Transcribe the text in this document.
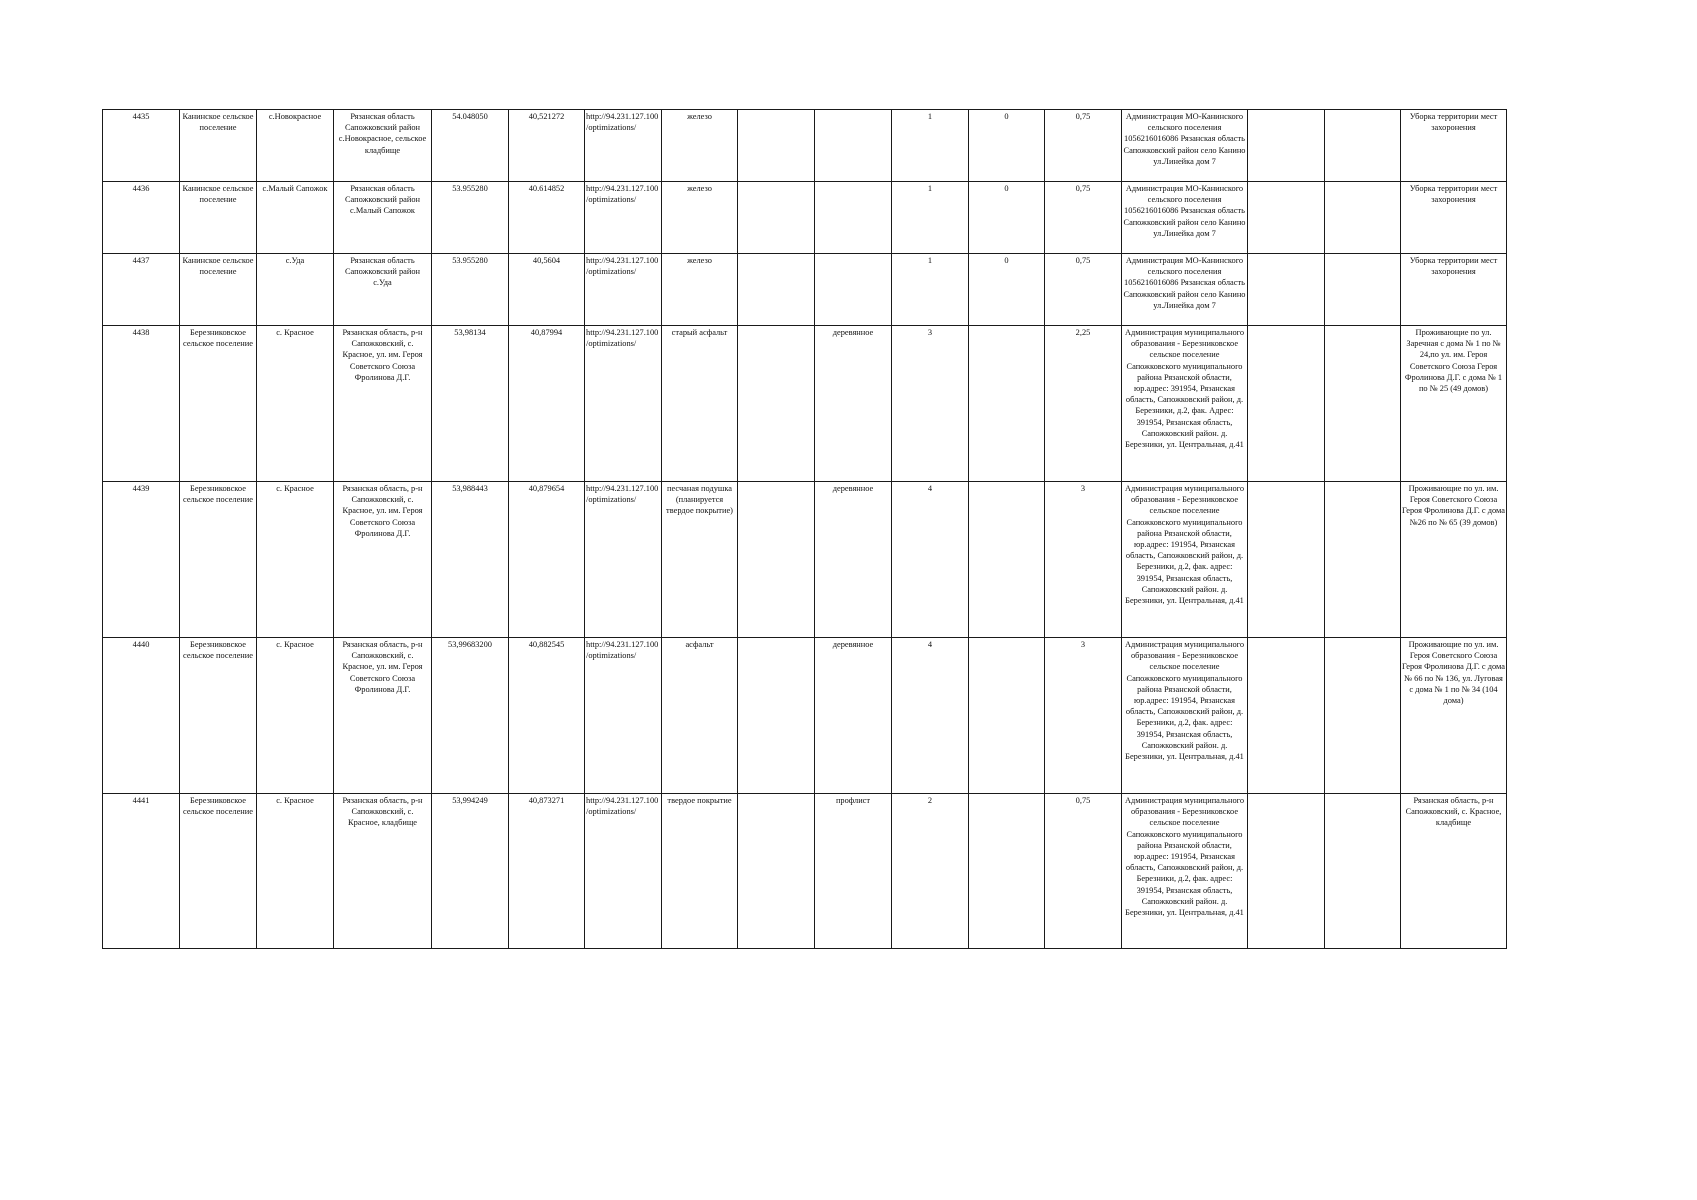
4435	Канинское сельское поселение	с.Новокрасное	Рязанская область Сапожковский район с.Новокрасное, сельское кладбище	54.048050	40,521272	http://94.231.127.100/optimizations/	железо			1	0	0,75	Администрация МО-Канинского сельского поселения 1056216016086 Рязанская область Сапожковский район село Канино ул.Линейка дом 7			Уборка территории мест захоронения
4436	Канинское сельское поселение	с.Малый Сапожок	Рязанская область Сапожковский район с.Малый Сапожок	53.955280	40.614852	http://94.231.127.100/optimizations/	железо			1	0	0,75	Администрация МО-Канинского сельского поселения 1056216016086 Рязанская область Сапожковский район село Канино ул.Линейка дом 7			Уборка территории мест захоронения
4437	Канинское сельское поселение	с.Уда	Рязанская область Сапожковский район с.Уда	53.955280	40,5604	http://94.231.127.100/optimizations/	железо			1	0	0,75	Администрация МО-Канинского сельского поселения 1056216016086 Рязанская область Сапожковский район село Канино ул.Линейка дом 7			Уборка территории мест захоронения
4438	Березниковское сельское поселение	с. Красное	Рязанская область, р-н Сапожковский, с. Красное, ул. им. Героя Советского Союза Фролинова Д.Г.	53,98134	40,87994	http://94.231.127.100/optimizations/	старый асфальт		деревянное	3		2,25	Администрация муниципального образования - Березниковское сельское поселение Сапожковского муниципального района Рязанской области, юр.адрес: 391954, Рязанская область, Сапожковский район, д. Березники, д.2, фак. Адрес: 391954, Рязанская область, Сапожковский район. д. Березники, ул. Центральная, д.41			Проживающие по ул. Заречная с дома № 1 по № 24,по ул. им. Героя Советского Союза Героя Фролинова Д.Г. с дома № 1 по № 25 (49 домов)
4439	Березниковское сельское поселение	с. Красное	Рязанская область, р-н Сапожковский, с. Красное, ул. им. Героя Советского Союза Фролинова Д.Г.	53,988443	40,879654	http://94.231.127.100/optimizations/	песчаная подушка (планируется твердое покрытие)		деревянное	4		3	Администрация муниципального образования - Березниковское сельское поселение Сапожковского муниципального района Рязанской области, юр.адрес: 191954, Рязанская область, Сапожковский район, д. Березники, д.2, фак. адрес: 391954, Рязанская область, Сапожковский район. д. Березники, ул. Центральная, д.41			Проживающие по ул. им. Героя Советского Союза Героя Фролинова Д.Г. с дома №26 по № 65 (39 домов)
4440	Березниковское сельское поселение	с. Красное	Рязанская область, р-н Сапожковский, с. Красное, ул. им. Героя Советского Союза Фролинова Д.Г.	53,99683200	40,882545	http://94.231.127.100/optimizations/	асфальт		деревянное	4		3	Администрация муниципального образования - Березниковское сельское поселение Сапожковского муниципального района Рязанской области, юр.адрес: 191954, Рязанская область, Сапожковский район, д. Березники, д.2, фак. адрес: 391954, Рязанская область, Сапожковский район. д. Березники, ул. Центральная, д.41			Проживающие по ул. им. Героя Советского Союза Героя Фролинова Д.Г. с дома № 66 по № 136, ул. Луговая с дома № 1 по № 34 (104 дома)
4441	Березниковское сельское поселение	с. Красное	Рязанская область, р-н Сапожковский, с. Красное, кладбище	53,994249	40,873271	http://94.231.127.100/optimizations/	твердое покрытие		профлист	2		0,75	Администрация муниципального образования - Березниковское сельское поселение Сапожковского муниципального района Рязанской области, юр.адрес: 191954, Рязанская область, Сапожковский район, д. Березники, д.2, фак. адрес: 391954, Рязанская область, Сапожковский район. д. Березники, ул. Центральная, д.41			Рязанская область, р-н Сапожковский, с. Красное, кладбище
